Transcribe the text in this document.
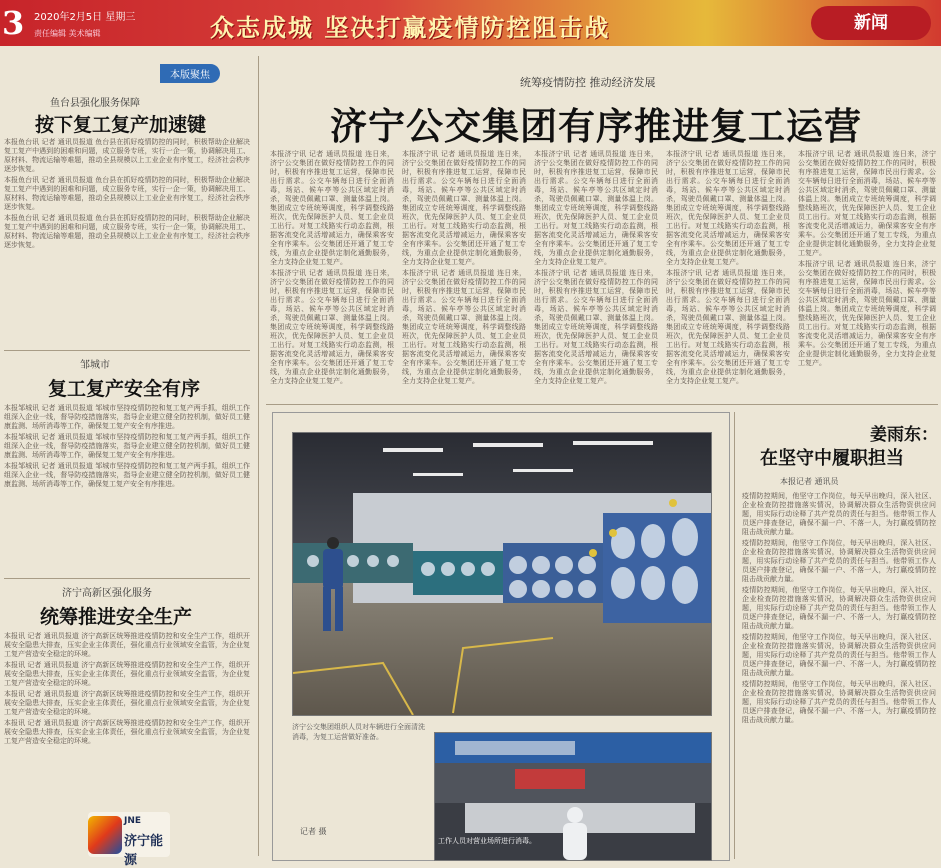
3 2020年2月5日 星期三
责任编辑 美术编辑	众志成城 坚决打赢疫情防控阻击战	新闻
本版聚焦
鱼台县强化服务保障
按下复工复产加速键

本报鱼台讯 记者 通讯员报道 鱼台县在抓好疫情防控的同时，积极帮助企业解决复工复产中遇到的困难和问题，成立服务专班，实行一企一策，协调解决用工、原材料、物流运输等难题，推动全县规模以上工业企业有序复工，经济社会秩序逐步恢复。

本报鱼台讯 记者 通讯员报道 鱼台县在抓好疫情防控的同时，积极帮助企业解决复工复产中遇到的困难和问题，成立服务专班，实行一企一策，协调解决用工、原材料、物流运输等难题，推动全县规模以上工业企业有序复工，经济社会秩序逐步恢复。

本报鱼台讯 记者 通讯员报道 鱼台县在抓好疫情防控的同时，积极帮助企业解决复工复产中遇到的困难和问题，成立服务专班，实行一企一策，协调解决用工、原材料、物流运输等难题，推动全县规模以上工业企业有序复工，经济社会秩序逐步恢复。

邹城市
复工复产安全有序

本报邹城讯 记者 通讯员报道 邹城市坚持疫情防控和复工复产两手抓，组织工作组深入企业一线，督导防疫措施落实，指导企业建立健全防控机制，做好员工健康监测、场所消毒等工作，确保复工复产安全有序推进。

本报邹城讯 记者 通讯员报道 邹城市坚持疫情防控和复工复产两手抓，组织工作组深入企业一线，督导防疫措施落实，指导企业建立健全防控机制，做好员工健康监测、场所消毒等工作，确保复工复产安全有序推进。

本报邹城讯 记者 通讯员报道 邹城市坚持疫情防控和复工复产两手抓，组织工作组深入企业一线，督导防疫措施落实，指导企业建立健全防控机制，做好员工健康监测、场所消毒等工作，确保复工复产安全有序推进。

济宁高新区强化服务
统筹推进安全生产

本报讯 记者 通讯员报道 济宁高新区统筹推进疫情防控和安全生产工作，组织开展安全隐患大排查，压实企业主体责任，强化重点行业领域安全监管，为企业复工复产营造安全稳定的环境。

本报讯 记者 通讯员报道 济宁高新区统筹推进疫情防控和安全生产工作，组织开展安全隐患大排查，压实企业主体责任，强化重点行业领域安全监管，为企业复工复产营造安全稳定的环境。

本报讯 记者 通讯员报道 济宁高新区统筹推进疫情防控和安全生产工作，组织开展安全隐患大排查，压实企业主体责任，强化重点行业领域安全监管，为企业复工复产营造安全稳定的环境。

本报讯 记者 通讯员报道 济宁高新区统筹推进疫情防控和安全生产工作，组织开展安全隐患大排查，压实企业主体责任，强化重点行业领域安全监管，为企业复工复产营造安全稳定的环境。

统筹疫情防控 推动经济发展
济宁公交集团有序推进复工运营

本报济宁讯 记者 通讯员报道 连日来，济宁公交集团在做好疫情防控工作的同时，积极有序推进复工运营，保障市民出行需求。公交车辆每日进行全面消毒，场站、候车亭等公共区域定时消杀，驾驶员佩戴口罩、测量体温上岗。集团成立专班统筹调度，科学调整线路班次，优先保障医护人员、复工企业员工出行。对复工线路实行动态监测，根据客流变化灵活增减运力，确保乘客安全有序乘车。公交集团还开通了复工专线，为重点企业提供定制化通勤服务，全力支持企业复工复产。

本报济宁讯 记者 通讯员报道 连日来，济宁公交集团在做好疫情防控工作的同时，积极有序推进复工运营，保障市民出行需求。公交车辆每日进行全面消毒，场站、候车亭等公共区域定时消杀，驾驶员佩戴口罩、测量体温上岗。集团成立专班统筹调度，科学调整线路班次，优先保障医护人员、复工企业员工出行。对复工线路实行动态监测，根据客流变化灵活增减运力，确保乘客安全有序乘车。公交集团还开通了复工专线，为重点企业提供定制化通勤服务，全力支持企业复工复产。

本报济宁讯 记者 通讯员报道 连日来，济宁公交集团在做好疫情防控工作的同时，积极有序推进复工运营，保障市民出行需求。公交车辆每日进行全面消毒，场站、候车亭等公共区域定时消杀，驾驶员佩戴口罩、测量体温上岗。集团成立专班统筹调度，科学调整线路班次，优先保障医护人员、复工企业员工出行。对复工线路实行动态监测，根据客流变化灵活增减运力，确保乘客安全有序乘车。公交集团还开通了复工专线，为重点企业提供定制化通勤服务，全力支持企业复工复产。

本报济宁讯 记者 通讯员报道 连日来，济宁公交集团在做好疫情防控工作的同时，积极有序推进复工运营，保障市民出行需求。公交车辆每日进行全面消毒，场站、候车亭等公共区域定时消杀，驾驶员佩戴口罩、测量体温上岗。集团成立专班统筹调度，科学调整线路班次，优先保障医护人员、复工企业员工出行。对复工线路实行动态监测，根据客流变化灵活增减运力，确保乘客安全有序乘车。公交集团还开通了复工专线，为重点企业提供定制化通勤服务，全力支持企业复工复产。

本报济宁讯 记者 通讯员报道 连日来，济宁公交集团在做好疫情防控工作的同时，积极有序推进复工运营，保障市民出行需求。公交车辆每日进行全面消毒，场站、候车亭等公共区域定时消杀，驾驶员佩戴口罩、测量体温上岗。集团成立专班统筹调度，科学调整线路班次，优先保障医护人员、复工企业员工出行。对复工线路实行动态监测，根据客流变化灵活增减运力，确保乘客安全有序乘车。公交集团还开通了复工专线，为重点企业提供定制化通勤服务，全力支持企业复工复产。

本报济宁讯 记者 通讯员报道 连日来，济宁公交集团在做好疫情防控工作的同时，积极有序推进复工运营，保障市民出行需求。公交车辆每日进行全面消毒，场站、候车亭等公共区域定时消杀，驾驶员佩戴口罩、测量体温上岗。集团成立专班统筹调度，科学调整线路班次，优先保障医护人员、复工企业员工出行。对复工线路实行动态监测，根据客流变化灵活增减运力，确保乘客安全有序乘车。公交集团还开通了复工专线，为重点企业提供定制化通勤服务，全力支持企业复工复产。

本报济宁讯 记者 通讯员报道 连日来，济宁公交集团在做好疫情防控工作的同时，积极有序推进复工运营，保障市民出行需求。公交车辆每日进行全面消毒，场站、候车亭等公共区域定时消杀，驾驶员佩戴口罩、测量体温上岗。集团成立专班统筹调度，科学调整线路班次，优先保障医护人员、复工企业员工出行。对复工线路实行动态监测，根据客流变化灵活增减运力，确保乘客安全有序乘车。公交集团还开通了复工专线，为重点企业提供定制化通勤服务，全力支持企业复工复产。

本报济宁讯 记者 通讯员报道 连日来，济宁公交集团在做好疫情防控工作的同时，积极有序推进复工运营，保障市民出行需求。公交车辆每日进行全面消毒，场站、候车亭等公共区域定时消杀，驾驶员佩戴口罩、测量体温上岗。集团成立专班统筹调度，科学调整线路班次，优先保障医护人员、复工企业员工出行。对复工线路实行动态监测，根据客流变化灵活增减运力，确保乘客安全有序乘车。公交集团还开通了复工专线，为重点企业提供定制化通勤服务，全力支持企业复工复产。

本报济宁讯 记者 通讯员报道 连日来，济宁公交集团在做好疫情防控工作的同时，积极有序推进复工运营，保障市民出行需求。公交车辆每日进行全面消毒，场站、候车亭等公共区域定时消杀，驾驶员佩戴口罩、测量体温上岗。集团成立专班统筹调度，科学调整线路班次，优先保障医护人员、复工企业员工出行。对复工线路实行动态监测，根据客流变化灵活增减运力，确保乘客安全有序乘车。公交集团还开通了复工专线，为重点企业提供定制化通勤服务，全力支持企业复工复产。

本报济宁讯 记者 通讯员报道 连日来，济宁公交集团在做好疫情防控工作的同时，积极有序推进复工运营，保障市民出行需求。公交车辆每日进行全面消毒，场站、候车亭等公共区域定时消杀，驾驶员佩戴口罩、测量体温上岗。集团成立专班统筹调度，科学调整线路班次，优先保障医护人员、复工企业员工出行。对复工线路实行动态监测，根据客流变化灵活增减运力，确保乘客安全有序乘车。公交集团还开通了复工专线，为重点企业提供定制化通勤服务，全力支持企业复工复产。

济宁公交集团组织人员对车辆进行全面清洗消毒，为复工运营做好准备。
记者 摄
工作人员对营业场所进行消毒。
姜雨东：
在坚守中履职担当
本报记者 通讯员

疫情防控期间，他坚守工作岗位，每天早出晚归，深入社区、企业检查防控措施落实情况，协调解决群众生活物资供应问题，用实际行动诠释了共产党员的责任与担当。他带领工作人员逐户排查登记，确保不漏一户、不落一人，为打赢疫情防控阻击战贡献力量。

疫情防控期间，他坚守工作岗位，每天早出晚归，深入社区、企业检查防控措施落实情况，协调解决群众生活物资供应问题，用实际行动诠释了共产党员的责任与担当。他带领工作人员逐户排查登记，确保不漏一户、不落一人，为打赢疫情防控阻击战贡献力量。

疫情防控期间，他坚守工作岗位，每天早出晚归，深入社区、企业检查防控措施落实情况，协调解决群众生活物资供应问题，用实际行动诠释了共产党员的责任与担当。他带领工作人员逐户排查登记，确保不漏一户、不落一人，为打赢疫情防控阻击战贡献力量。

疫情防控期间，他坚守工作岗位，每天早出晚归，深入社区、企业检查防控措施落实情况，协调解决群众生活物资供应问题，用实际行动诠释了共产党员的责任与担当。他带领工作人员逐户排查登记，确保不漏一户、不落一人，为打赢疫情防控阻击战贡献力量。

疫情防控期间，他坚守工作岗位，每天早出晚归，深入社区、企业检查防控措施落实情况，协调解决群众生活物资供应问题，用实际行动诠释了共产党员的责任与担当。他带领工作人员逐户排查登记，确保不漏一户、不落一人，为打赢疫情防控阻击战贡献力量。

JNE
济宁能源
